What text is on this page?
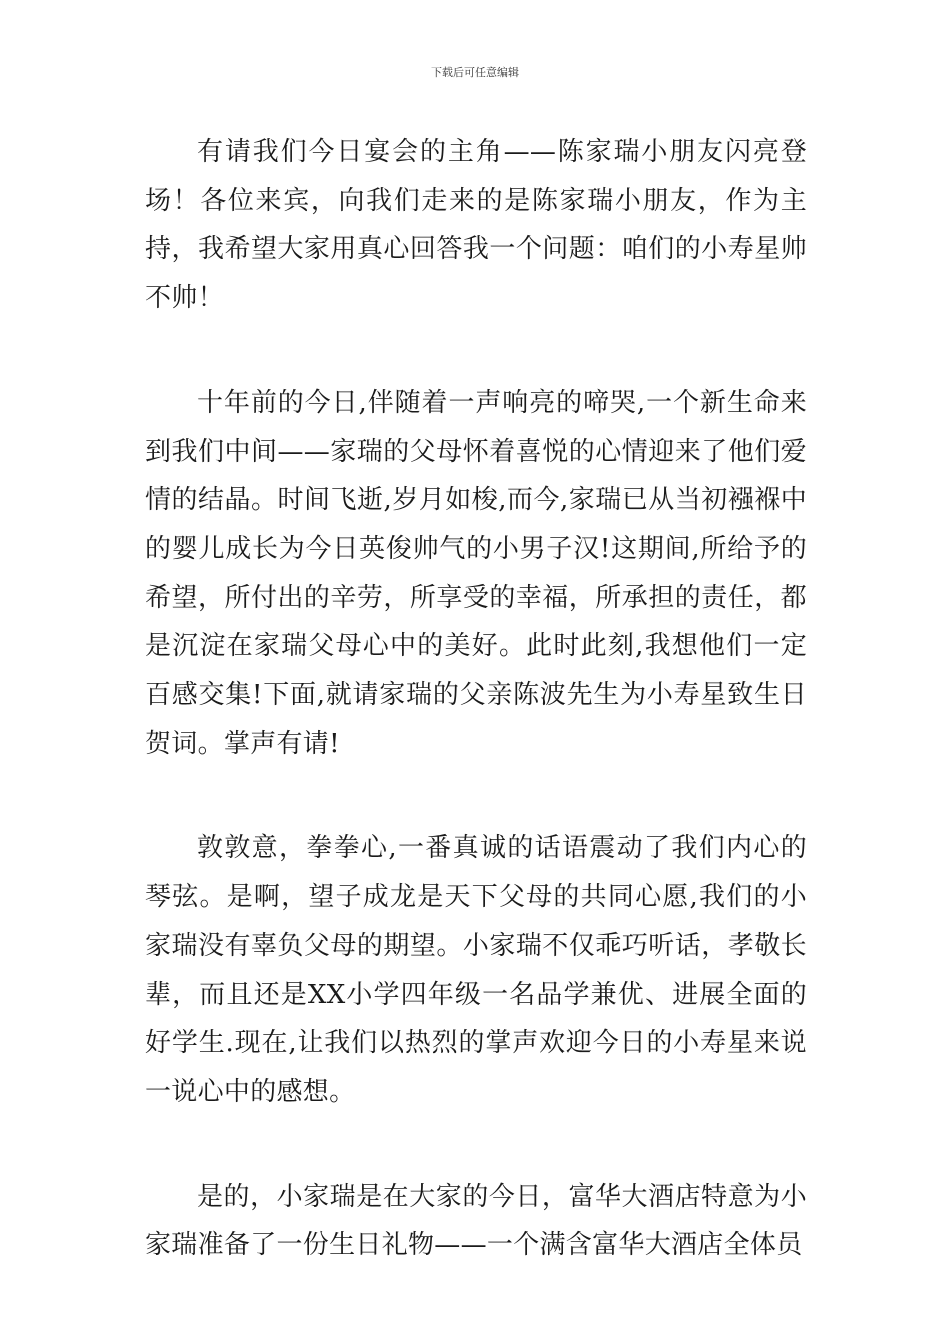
下载后可任意编辑

有请我们今日宴会的主角——陈家瑞小朋友闪亮登场！各位来宾，向我们走来的是陈家瑞小朋友，作为主持，我希望大家用真心回答我一个问题：咱们的小寿星帅不帅！

十年前的今日,伴随着一声响亮的啼哭,一个新生命来到我们中间——家瑞的父母怀着喜悦的心情迎来了他们爱情的结晶。时间飞逝,岁月如梭,而今,家瑞已从当初襁褓中的婴儿成长为今日英俊帅气的小男子汉!这期间,所给予的希望，所付出的辛劳，所享受的幸福，所承担的责任，都是沉淀在家瑞父母心中的美好。此时此刻,我想他们一定百感交集!下面,就请家瑞的父亲陈波先生为小寿星致生日贺词。掌声有请!

敦敦意，拳拳心,一番真诚的话语震动了我们内心的琴弦。是啊，望子成龙是天下父母的共同心愿,我们的小家瑞没有辜负父母的期望。小家瑞不仅乖巧听话，孝敬长辈，而且还是XX小学四年级一名品学兼优、进展全面的好学生.现在,让我们以热烈的掌声欢迎今日的小寿星来说一说心中的感想。

是的，小家瑞是在大家的今日，富华大酒店特意为小家瑞准备了一份生日礼物——一个满含富华大酒店全体员
